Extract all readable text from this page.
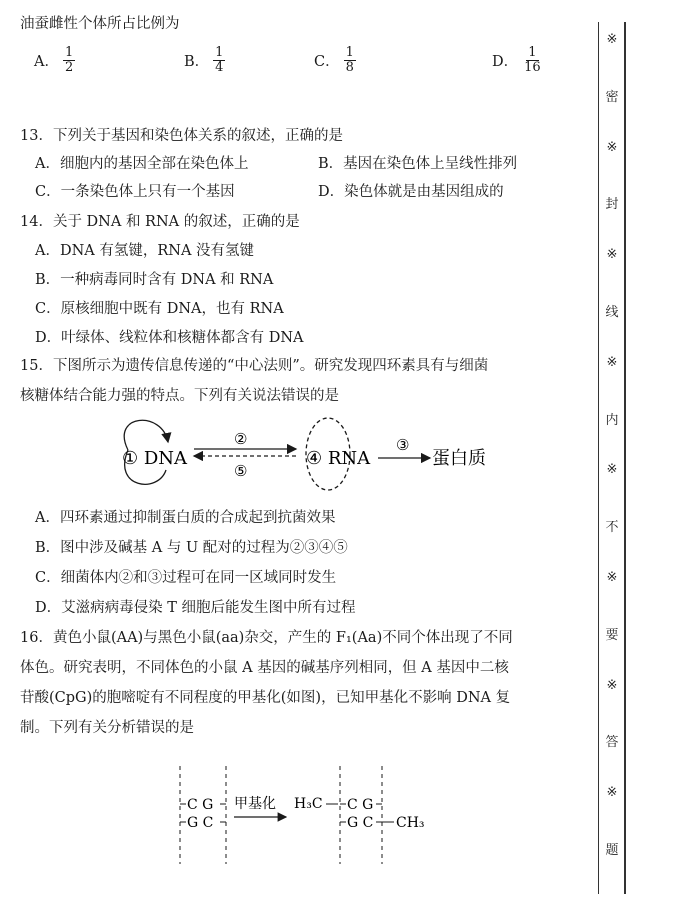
油蚕雌性个体所占比例为
A． $\frac{1}{2}$	B． $\frac{1}{4}$	C． $\frac{1}{8}$	D． $\frac{1}{16}$
13．下列关于基因和染色体关系的叙述，正确的是
A．细胞内的基因全部在染色体上	B．基因在染色体上呈线性排列
C．一条染色体上只有一个基因	D．染色体就是由基因组成的
14．关于 DNA 和 RNA 的叙述，正确的是
A．DNA 有氢键，RNA 没有氢键
B．一种病毒同时含有 DNA 和 RNA
C．原核细胞中既有 DNA，也有 RNA
D．叶绿体、线粒体和核糖体都含有 DNA
15．下图所示为遗传信息传递的“中心法则”。研究发现四环素具有与细菌
核糖体结合能力强的特点。下列有关说法错误的是
① DNA
②
⑤
④ RNA
③
蛋白质
A．四环素通过抑制蛋白质的合成起到抗菌效果
B．图中涉及碱基 A 与 U 配对的过程为②③④⑤
C．细菌体内②和③过程可在同一区域同时发生
D．艾滋病病毒侵染 T 细胞后能发生图中所有过程
16．黄色小鼠(AA)与黑色小鼠(aa)杂交，产生的 F₁(Aa)不同个体出现了不同
体色。研究表明，不同体色的小鼠 A 基因的碱基序列相同，但 A 基因中二核
苷酸(CpG)的胞嘧啶有不同程度的甲基化(如图)，已知甲基化不影响 DNA 复
制。下列有关分析错误的是
C G
G C
甲基化 H₃C C G
G C CH₃
※
密
※
封
※
线
※
内
※
不
※
要
※
答
※
题
